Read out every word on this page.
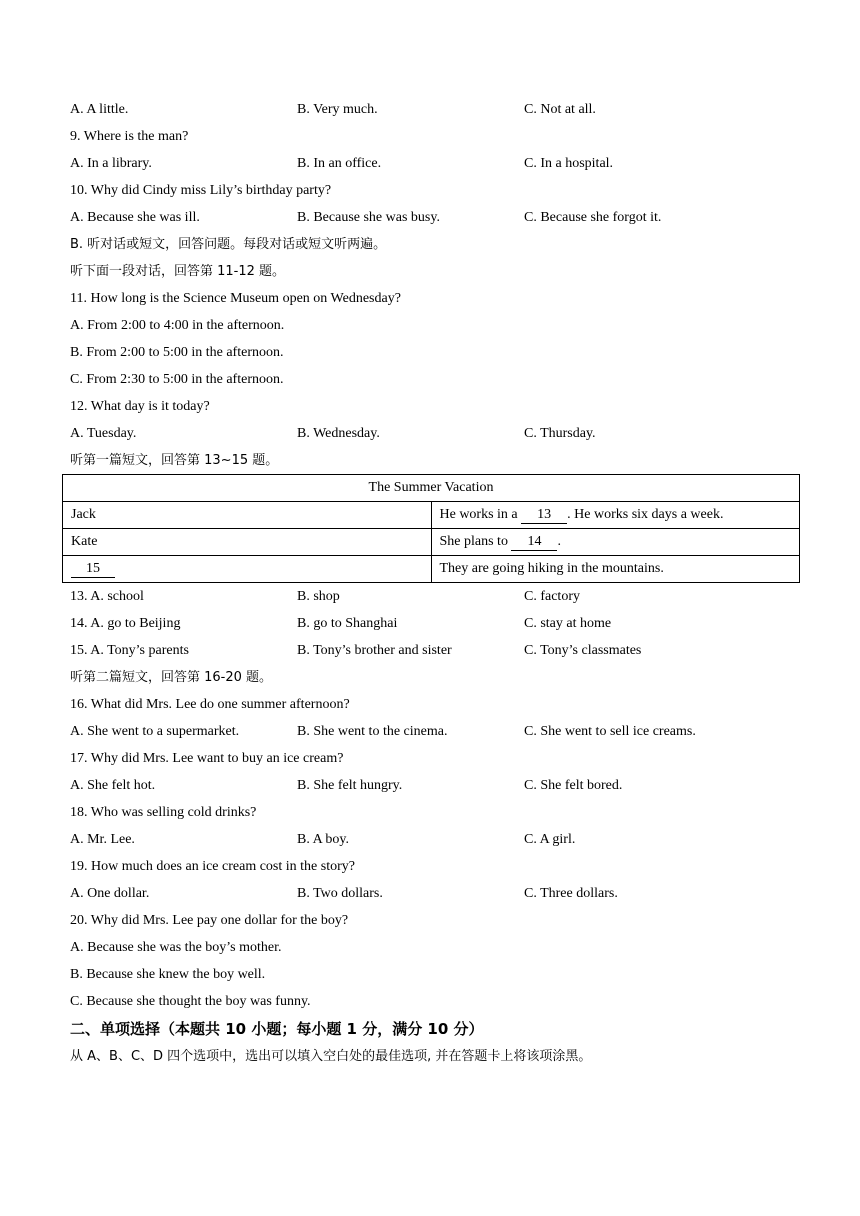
A. A little.	B. Very much.	C. Not at all.
9. Where is the man?
A. In a library.	B. In an office.	C. In a hospital.
10. Why did Cindy miss Lily’s birthday party?
A. Because she was ill.	B. Because she was busy.	C. Because she forgot it.
B. 听对话或短文，回答问题。每段对话或短文听两遍。
听下面一段对话，回答第 11-12 题。
11. How long is the Science Museum open on Wednesday?
A. From 2:00 to 4:00 in the afternoon.
B. From 2:00 to 5:00 in the afternoon.
C. From 2:30 to 5:00 in the afternoon.
12. What day is it today?
A. Tuesday.	B. Wednesday.	C. Thursday.
听第一篇短文，回答第 13~15 题。
The Summer Vacation	
Jack	He works in a 13 . He works six days a week.
Kate	She plans to 14 .
15	They are going hiking in the mountains.
13. A. school	B. shop	C. factory
14. A. go to Beijing	B. go to Shanghai	C. stay at home
15. A. Tony’s parents	B. Tony’s brother and sister	C. Tony’s classmates
听第二篇短文，回答第 16-20 题。
16. What did Mrs. Lee do one summer afternoon?
A. She went to a supermarket.	B. She went to the cinema.	C. She went to sell ice creams.
17. Why did Mrs. Lee want to buy an ice cream?
A. She felt hot.	B. She felt hungry.	C. She felt bored.
18. Who was selling cold drinks?
A. Mr. Lee.	B. A boy.	C. A girl.
19. How much does an ice cream cost in the story?
A. One dollar.	B. Two dollars.	C. Three dollars.
20. Why did Mrs. Lee pay one dollar for the boy?
A. Because she was the boy’s mother.
B. Because she knew the boy well.
C. Because she thought the boy was funny.
二、单项选择（本题共 10 小题；每小题 1 分，满分 10 分）
从 A、B、C、D 四个选项中，选出可以填入空白处的最佳选项, 并在答题卡上将该项涂黑。
